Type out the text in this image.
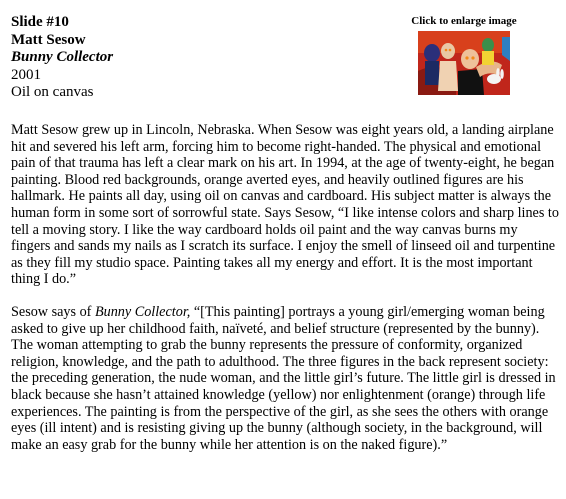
Slide #10
Matt Sesow
Bunny Collector
2001
Oil on canvas
Click to enlarge image

Matt Sesow grew up in Lincoln, Nebraska. When Sesow was eight years old, a landing airplane hit and severed his left arm, forcing him to become right-handed. The physical and emotional pain of that trauma has left a clear mark on his art. In 1994, at the age of twenty-eight, he began painting. Blood red backgrounds, orange averted eyes, and heavily outlined figures are his hallmark. He paints all day, using oil on canvas and cardboard. His subject matter is always the human form in some sort of sorrowful state. Says Sesow, “I like intense colors and sharp lines to tell a moving story. I like the way cardboard holds oil paint and the way canvas burns my fingers and sands my nails as I scratch its surface. I enjoy the smell of linseed oil and turpentine as they fill my studio space. Painting takes all my energy and effort. It is the most important thing I do.”

Sesow says of Bunny Collector, “[This painting] portrays a young girl/emerging woman being asked to give up her childhood faith, naïveté, and belief structure (represented by the bunny). The woman attempting to grab the bunny represents the pressure of conformity, organized religion, knowledge, and the path to adulthood. The three figures in the back represent society: the preceding generation, the nude woman, and the little girl’s future. The little girl is dressed in black because she hasn’t attained knowledge (yellow) nor enlightenment (orange) through life experiences. The painting is from the perspective of the girl, as she sees the others with orange eyes (ill intent) and is resisting giving up the bunny (although society, in the background, will make an easy grab for the bunny while her attention is on the naked figure).”
